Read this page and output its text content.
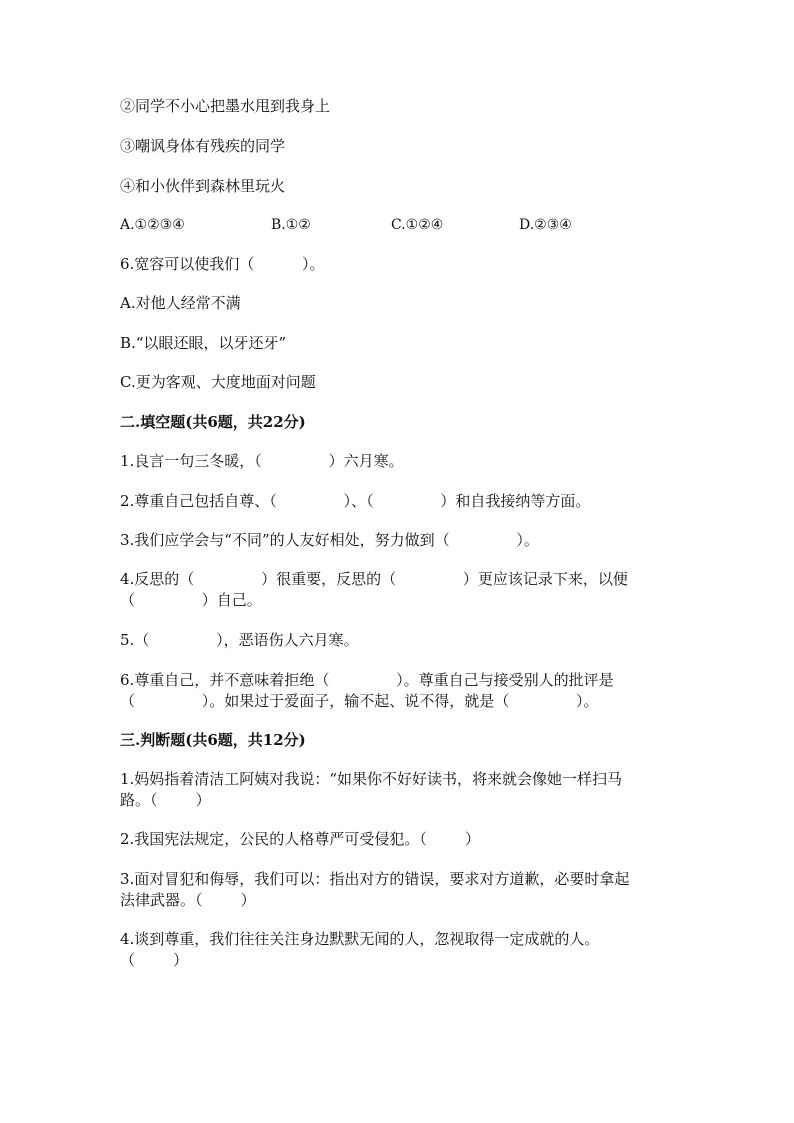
②同学不小心把墨水甩到我身上
③嘲讽身体有残疾的同学
④和小伙伴到森林里玩火
A.①②③④	B.①②	C.①②④	D.②③④
6.宽容可以使我们（          ）。
A.对他人经常不满
B.“以眼还眼，以牙还牙”
C.更为客观、大度地面对问题
二.填空题(共6题，共22分)
1.良言一句三冬暖，（              ）六月寒。
2.尊重自己包括自尊、（              ）、（              ）和自我接纳等方面。
3.我们应学会与“不同”的人友好相处，努力做到（              ）。
4.反思的（              ）很重要，反思的（              ）更应该记录下来，以便
（              ）自己。
5.（              ），恶语伤人六月寒。
6.尊重自己，并不意味着拒绝（              ）。尊重自己与接受别人的批评是
（              ）。如果过于爱面子，输不起、说不得，就是（              ）。
三.判断题(共6题，共12分)
1.妈妈指着清洁工阿姨对我说：“如果你不好好读书，将来就会像她一样扫马
路。（        ）
2.我国宪法规定，公民的人格尊严可受侵犯。（        ）
3.面对冒犯和侮辱，我们可以：指出对方的错误，要求对方道歉，必要时拿起
法律武器。（        ）
4.谈到尊重，我们往往关注身边默默无闻的人，忽视取得一定成就的人。
（        ）
